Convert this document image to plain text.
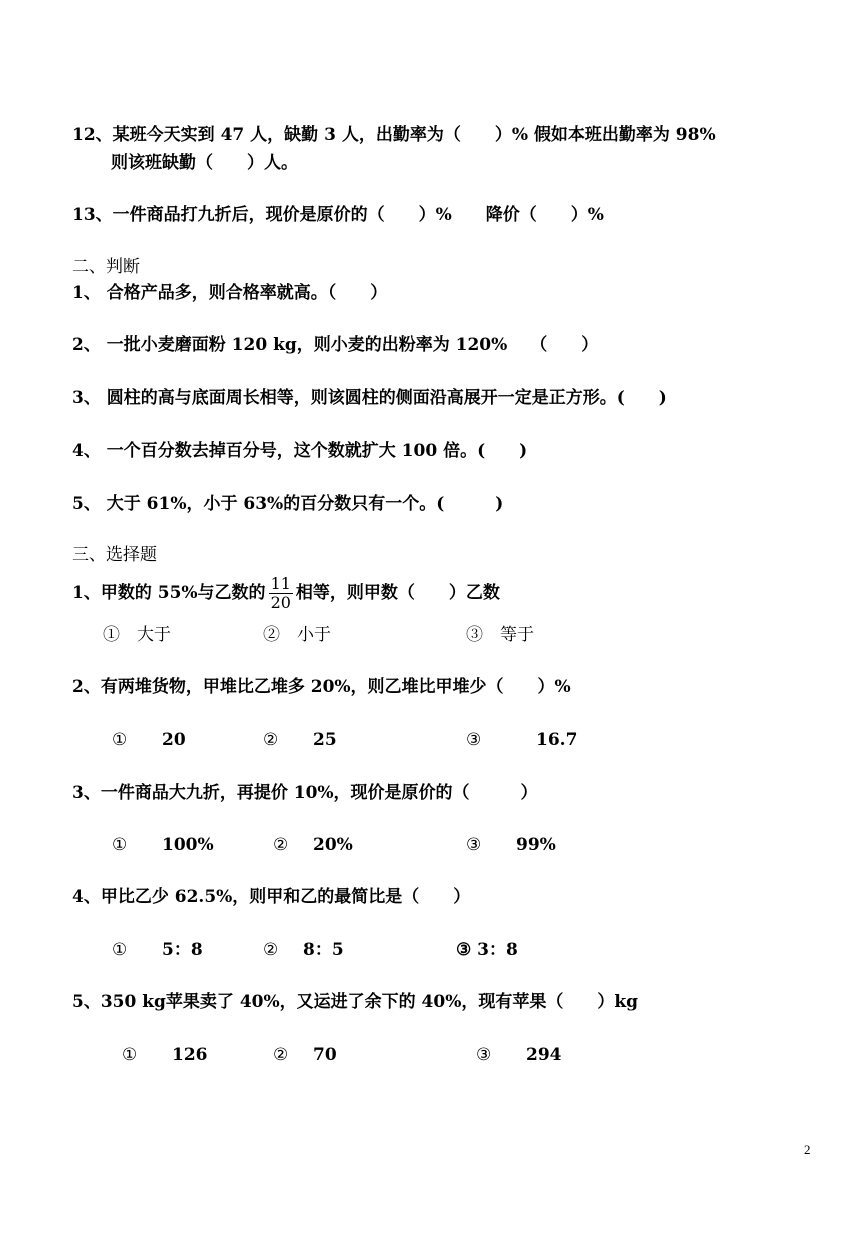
12、某班今天实到 47 人，缺勤 3 人，出勤率为（　　）% 假如本班出勤率为 98%
则该班缺勤（　　）人。
13、一件商品打九折后，现价是原价的（　　）%　　降价（　　）%
二、判断
1、 合格产品多，则合格率就高。（　　）
2、 一批小麦磨面粉 120 kg，则小麦的出粉率为 120%　 （　　）
3、 圆柱的高与底面周长相等，则该圆柱的侧面沿高展开一定是正方形。(　　)
4、 一个百分数去掉百分号，这个数就扩大 100 倍。(　　)
5、 大于 61%，小于 63%的百分数只有一个。(　　　)
三、选择题
1、甲数的 55%与乙数的 $\frac{11}{20}$ 相等，则甲数（　　）乙数
①　大于	②　小于	③　等于
2、有两堆货物，甲堆比乙堆多 20%，则乙堆比甲堆少（　　）%
① 20	② 25	③	16.7
3、一件商品大九折，再提价 10%，现价是原价的（　　　）
① 100%	② 20%	③ 99%
4、甲比乙少 62.5%，则甲和乙的最简比是（　　）
① 5：8	② 8：5	③ 3：8
5、350 kg苹果卖了 40%，又运进了余下的 40%，现有苹果（　　）kg
① 126	② 70	③ 294
2
